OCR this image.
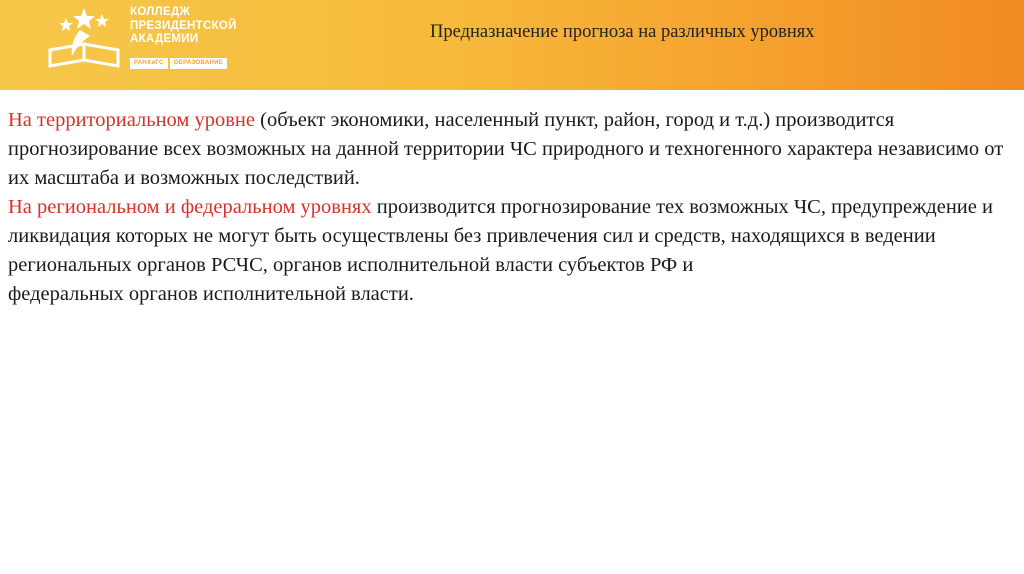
КОЛЛЕДЖ
ПРЕЗИДЕНТСКОЙ
АКАДЕМИИ
РАНХиГС	ОБРАЗОВАНИЕ
Предназначение прогноза на различных уровнях

На территориальном уровне (объект экономики, населенный пункт, район, город и т.д.) производится прогнозирование всех возможных на данной территории ЧС природного и техногенного характера независимо от их масштаба и возможных последствий.

На региональном и федеральном уровнях производится прогнозирование тех возможных ЧС, предупреждение и ликвидация которых не могут быть осуществлены без привлечения сил и средств, находящихся в ведении региональных органов РСЧС, органов исполнительной власти субъектов РФ и

федеральных органов исполнительной власти.
